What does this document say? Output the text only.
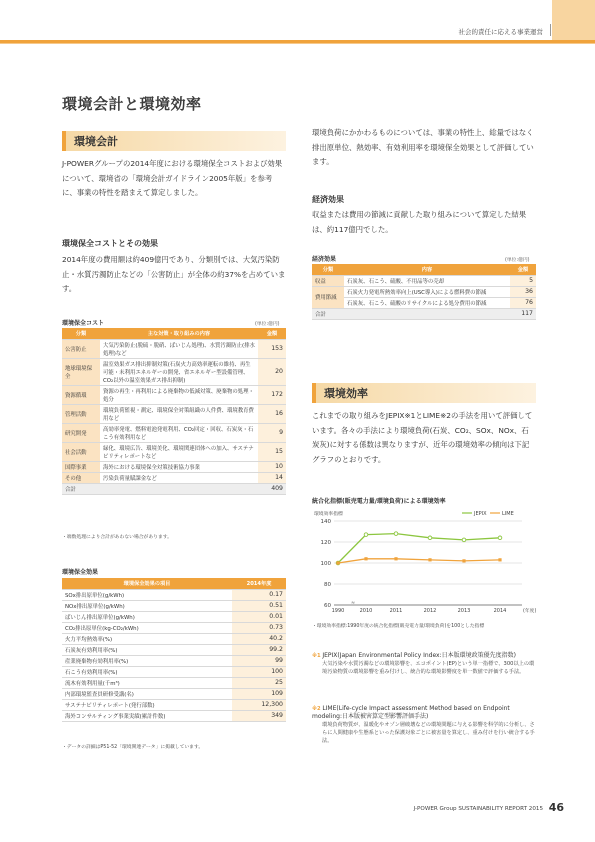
社会的責任に応える事業運営
環境会計と環境効率
環境会計
J-POWERグループの2014年度における環境保全コストおよび効果について、環境省の「環境会計ガイドライン2005年版」を参考に、事業の特性を踏まえて算定しました。
環境保全コストとその効果
2014年度の費用額は約409億円であり、分類別では、大気汚染防止・水質汚濁防止などの「公害防止」が全体の約37%を占めています。
環境保全コスト	(単位:億円)
分類	主な対策・取り組みの内容	金額
公害防止	大気汚染防止(脱硫・脱硝、ばいじん処理)、水質汚濁防止(排水処理)など	153
地球環境保全	温室効果ガス排出抑制対策(石炭火力高効率運転の維持、再生可能・未利用エネルギーの開発、省エネルギー型設備管理、CO₂以外の温室効果ガス排出抑制)	20
資源循環	資源の再生・再利用による廃棄物の低減対策、廃棄物の処理・処分	172
管理活動	環境負荷監視・測定、環境保全対策組織の人件費、環境教育費用など	16
研究開発	高効率発電、燃料電池発電利用、CO₂回定・回収、石炭灰・石こう有効利用など	9
社会活動	緑化、環境広告、環境美化、環境関連団体への加入、サステナビリティレポートなど	15
国際事業	海外における環境保全対策技術協力事業	10
その他	汚染負荷量賦課金など	14
合計		409
・端数処理により合計があわない場合があります。
環境保全効果
環境保全効果の項目	2014年度
SOx排出原単位(g/kWh)	0.17
NOx排出原単位(g/kWh)	0.51
ばいじん排出原単位(g/kWh)	0.01
CO₂排出原単位(kg-CO₂/kWh)	0.73
火力平均熱効率(%)	40.2
石炭灰有効利用率(%)	99.2
産業廃棄物有効利用率(%)	99
石こう有効利用率(%)	100
流木有効利用量(千m³)	25
内部環境監査員研修受講(名)	109
サステナビリティレポート(発行部数)	12,300
海外コンサルティング事業実績(累計件数)	349
・データの詳細はP51-52「環境関連データ」に掲載しています。
環境負荷にかかわるものについては、事業の特性上、総量ではなく排出原単位、熱効率、有効利用率を環境保全効果として評価しています。
経済効果
収益または費用の節減に貢献した取り組みについて算定した結果は、約117億円でした。
経済効果	(単位:億円)
分類	内容	金額
収益	石炭灰、石こう、硫酸、不用品等の売却	5
費用節減	石炭火力発電所熱効率向上(USC導入)による燃料費の節減	36
	石炭灰、石こう、硫酸のリサイクルによる処分費用の節減	76
合計		117
環境効率
これまでの取り組みをJEPIX※1とLIME※2の手法を用いて評価しています。各々の手法により環境負荷(石炭、CO₂、SOx、NOx、石炭灰)に対する係数は異なりますが、近年の環境効率の傾向は下記グラフのとおりです。
統合化指標(販売電力量/環境負荷)による環境効率
環境効率指標
60
80
100
120
140
≈
1990	2010	2011	2012	2013	2014	(年度)
JEPIX	LIME
・環境効率指標:1990年度の統合化指標(販売電力量/環境負荷)を100とした指標
※1 JEPIX(Japan Environmental Policy Index:日本版環境政策優先度指数)
大気汚染や水質汚濁などの環境影響を、エコポイント(EP)という単一指標で、300以上の環境汚染物質の環境影響を重み付けし、統合的な環境影響度を単一数値で評価する手法。
※2 LIME(Life-cycle Impact assessment Method based on Endpoint modeling:日本版被害算定型影響評価手法)
環境負荷物質が、温暖化やオゾン層破壊などの環境問題に与える影響を科学的に分析し、さらに人間健康や生態系といった保護対象ごとに被害量を算定し、重み付けを行い統合する手法。
J-POWER Group SUSTAINABILITY REPORT 2015 46
